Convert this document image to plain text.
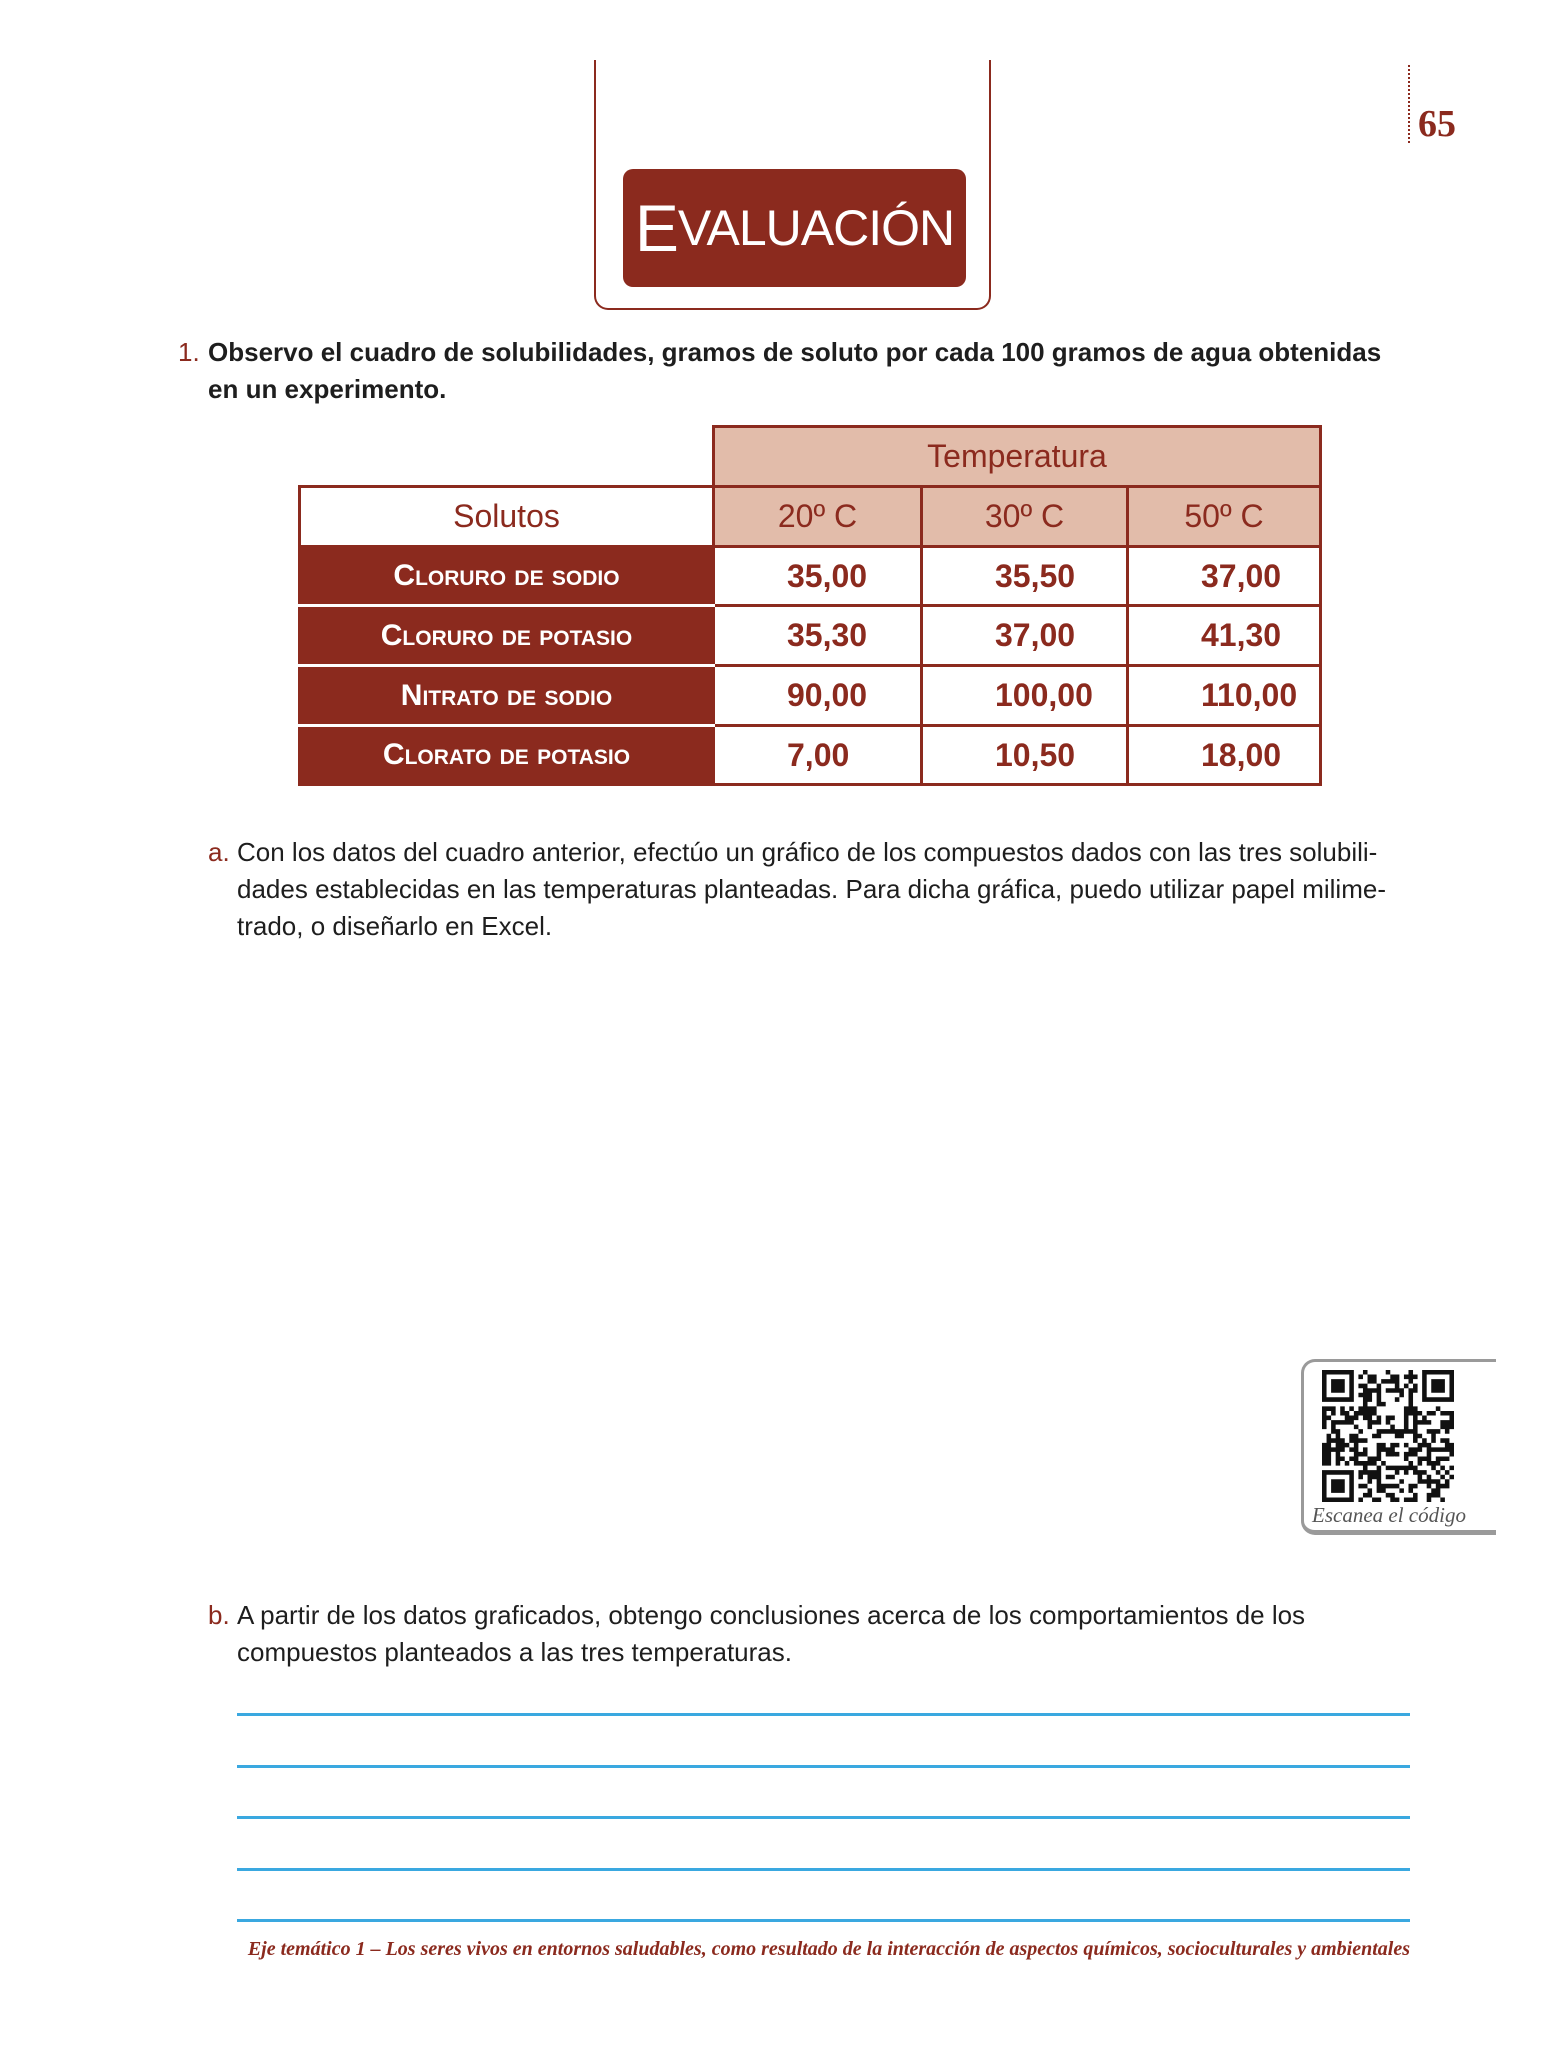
E VALUACIÓN
65
1. Observo el cuadro de solubilidades, gramos de soluto por cada 100 gramos de agua obtenidas en un experimento.
	Temperatura		
Solutos	20º C	30º C	50º C
Cloruro de sodio	35,00	35,50	37,00
Cloruro de potasio	35,30	37,00	41,30
Nitrato de sodio	90,00	100,00	110,00
Clorato de potasio	7,00	10,50	18,00
a. Con los datos del cuadro anterior, efectúo un gráfico de los compuestos dados con las tres solubili-
dades establecidas en las temperaturas planteadas. Para dicha gráfica, puedo utilizar papel milime-
trado, o diseñarlo en Excel.
Escanea el código
b. A partir de los datos graficados, obtengo conclusiones acerca de los comportamientos de los
compuestos planteados a las tres temperaturas.
Eje temático 1 – Los seres vivos en entornos saludables, como resultado de la interacción de aspectos químicos, socioculturales y ambientales
